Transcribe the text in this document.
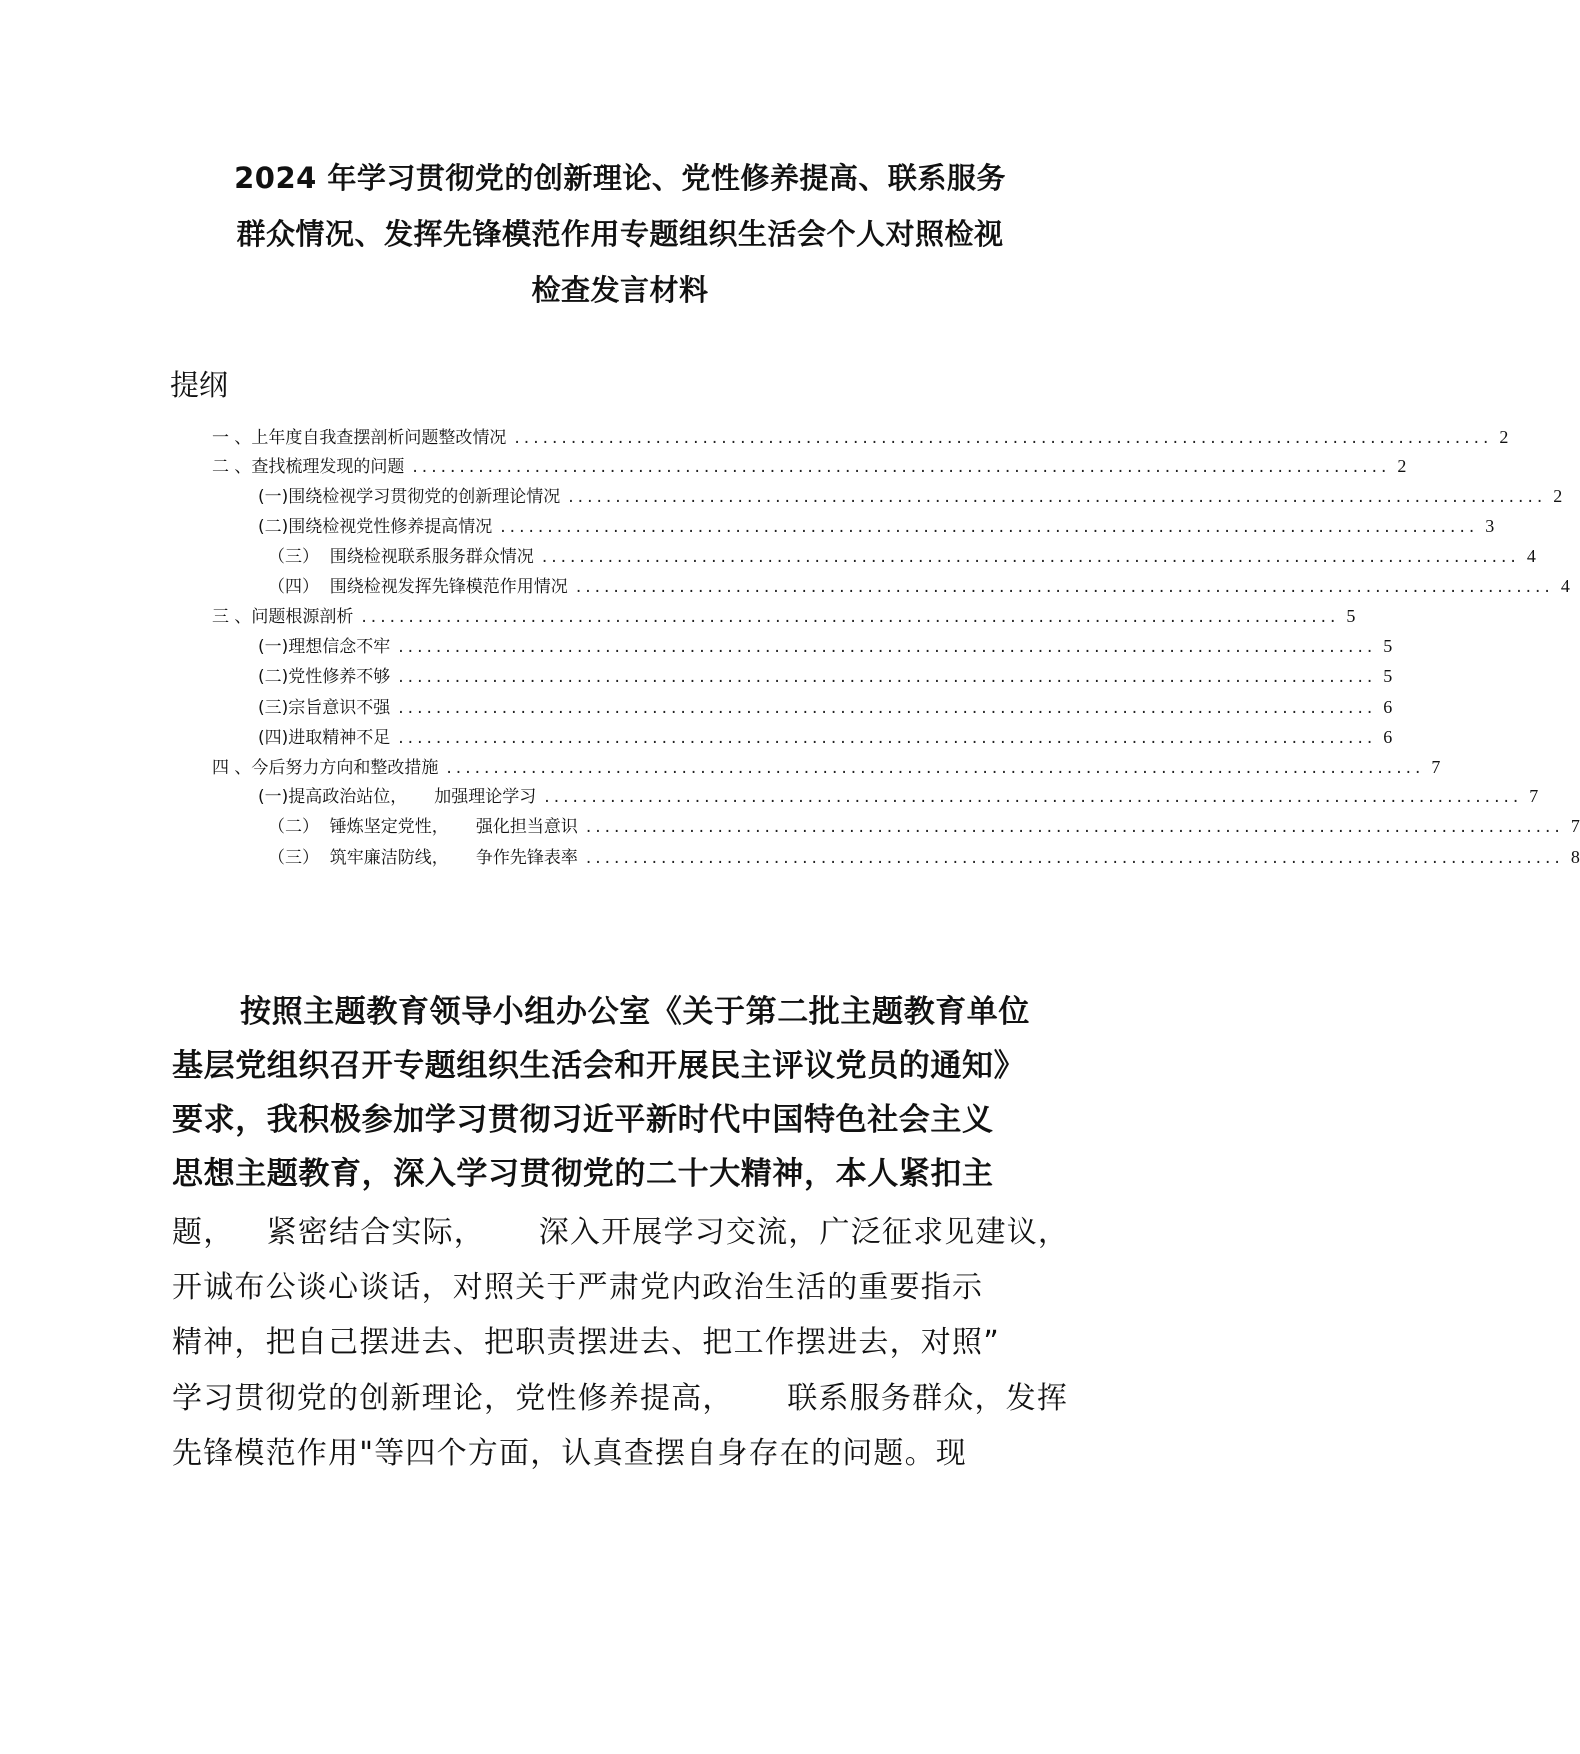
2024 年学习贯彻党的创新理论、党性修养提高、联系服务
群众情况、发挥先锋模范作用专题组织生活会个人对照检视
检查发言材料
提纲
一 、 上年度自我查摆剖析问题整改情况 ........................................................................................................ 2
二 、 查找梳理发现的问题 ........................................................................................................ 2
(一)围绕检视学习贯彻党的创新理论情况 ........................................................................................................ 2
(二)围绕检视党性修养提高情况 ........................................................................................................ 3
（三）  围绕检视联系服务群众情况 ........................................................................................................ 4
（四）  围绕检视发挥先锋模范作用情况 ........................................................................................................ 4
三 、 问题根源剖析 ........................................................................................................ 5
(一)理想信念不牢 ........................................................................................................ 5
(二)党性修养不够 ........................................................................................................ 5
(三)宗旨意识不强 ........................................................................................................ 6
(四)进取精神不足 ........................................................................................................ 6
四 、 今后努力方向和整改措施 ........................................................................................................ 7
(一)提高政治站位，     加强理论学习 ........................................................................................................ 7
（二）  锤炼坚定党性，     强化担当意识 ........................................................................................................ 7
（三）  筑牢廉洁防线，     争作先锋表率 ........................................................................................................ 8
按照主题教育领导小组办公室《关于第二批主题教育单位
基层党组织召开专题组织生活会和开展民主评议党员的通知》
要求，我积极参加学习贯彻习近平新时代中国特色社会主义
思想主题教育，深入学习贯彻党的二十大精神，本人紧扣主
题，   紧密结合实际，     深入开展学习交流，广泛征求见建议，
开诚布公谈心谈话，对照关于严肃党内政治生活的重要指示
精神，把自己摆进去、把职责摆进去、把工作摆进去，对照”
学习贯彻党的创新理论，党性修养提高，     联系服务群众，发挥
先锋模范作用"等四个方面，认真查摆自身存在的问题。现
